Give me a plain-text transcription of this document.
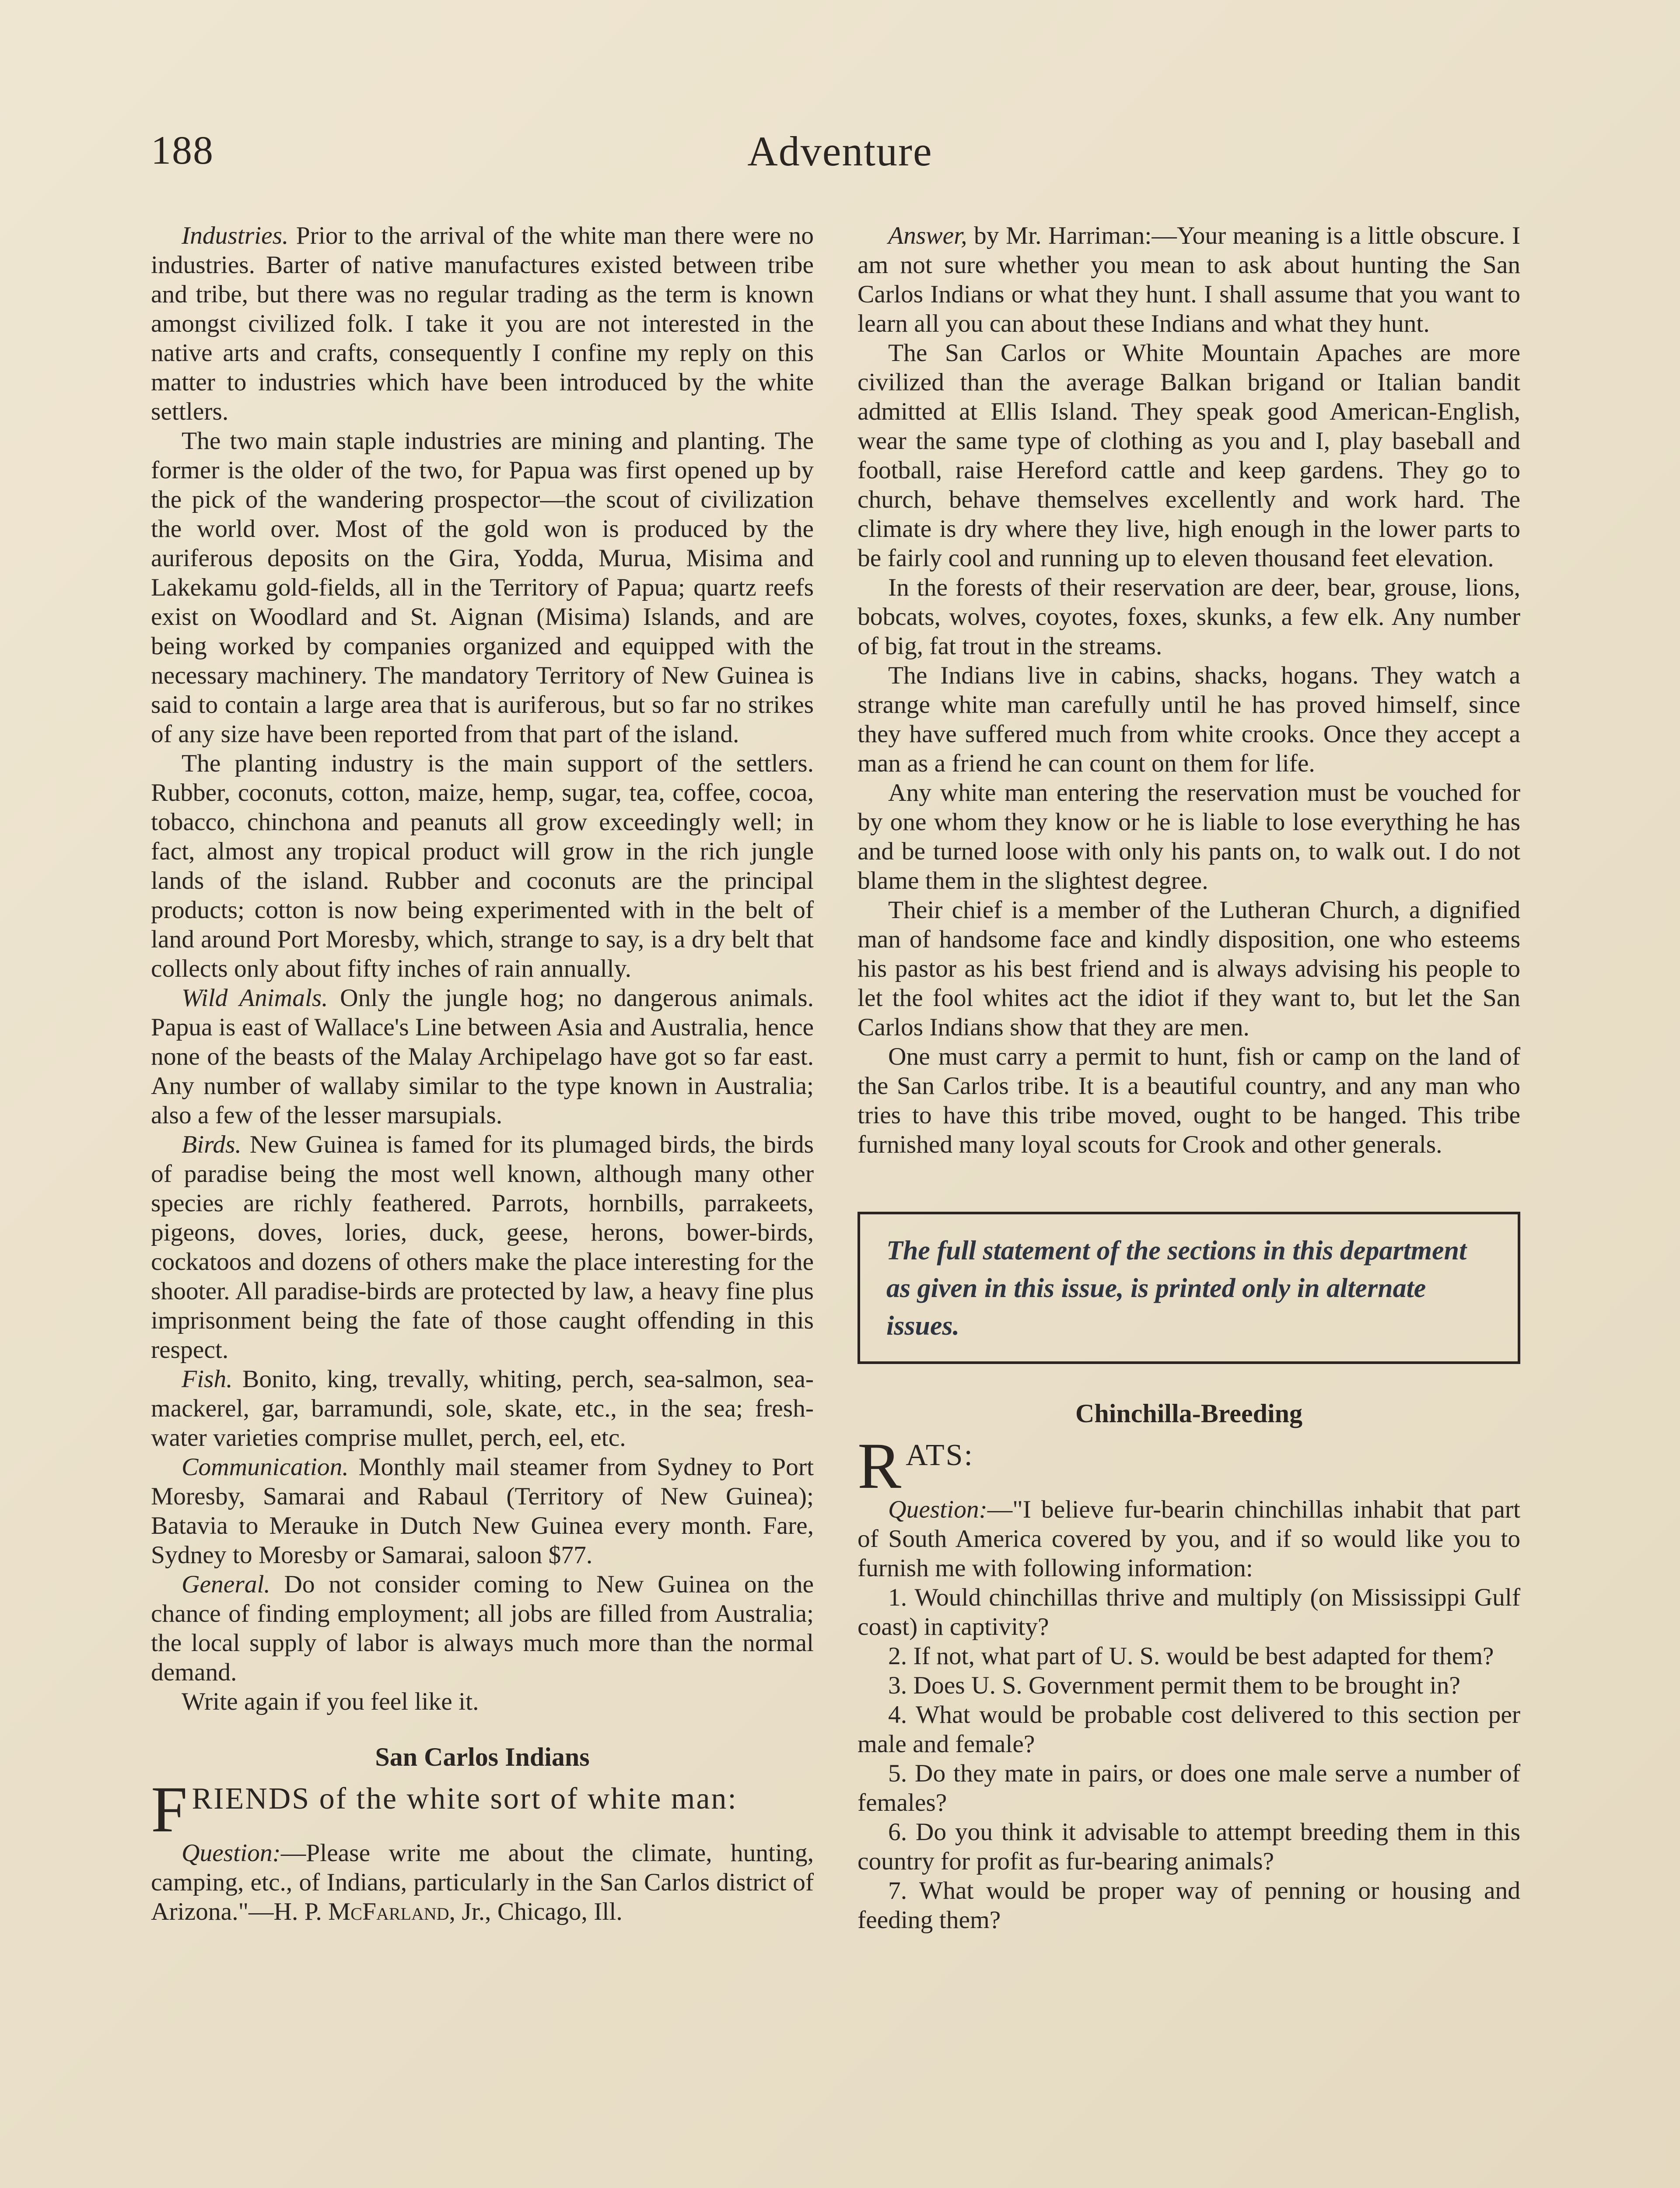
188	Adventure

Industries. Prior to the arrival of the white man there were no industries. Barter of native manufactures existed between tribe and tribe, but there was no regular trading as the term is known amongst civilized folk. I take it you are not interested in the native arts and crafts, consequently I confine my reply on this matter to industries which have been introduced by the white settlers.

The two main staple industries are mining and planting. The former is the older of the two, for Papua was first opened up by the pick of the wandering prospector—the scout of civilization the world over. Most of the gold won is produced by the auriferous deposits on the Gira, Yodda, Murua, Misima and Lakekamu gold-fields, all in the Territory of Papua; quartz reefs exist on Woodlard and St. Aignan (Misima) Islands, and are being worked by companies organized and equipped with the necessary machinery. The mandatory Territory of New Guinea is said to contain a large area that is auriferous, but so far no strikes of any size have been reported from that part of the island.

The planting industry is the main support of the settlers. Rubber, coconuts, cotton, maize, hemp, sugar, tea, coffee, cocoa, tobacco, chinchona and peanuts all grow exceedingly well; in fact, almost any tropical product will grow in the rich jungle lands of the island. Rubber and coconuts are the principal products; cotton is now being experimented with in the belt of land around Port Moresby, which, strange to say, is a dry belt that collects only about fifty inches of rain annually.

Wild Animals. Only the jungle hog; no dangerous animals. Papua is east of Wallace's Line between Asia and Australia, hence none of the beasts of the Malay Archipelago have got so far east. Any number of wallaby similar to the type known in Australia; also a few of the lesser marsupials.

Birds. New Guinea is famed for its plumaged birds, the birds of paradise being the most well known, although many other species are richly feathered. Parrots, hornbills, parrakeets, pigeons, doves, lories, duck, geese, herons, bower-birds, cockatoos and dozens of others make the place interesting for the shooter. All paradise-birds are protected by law, a heavy fine plus imprisonment being the fate of those caught offending in this respect.

Fish. Bonito, king, trevally, whiting, perch, sea-salmon, sea-mackerel, gar, barramundi, sole, skate, etc., in the sea; fresh-water varieties comprise mullet, perch, eel, etc.

Communication. Monthly mail steamer from Sydney to Port Moresby, Samarai and Rabaul (Territory of New Guinea); Batavia to Merauke in Dutch New Guinea every month. Fare, Sydney to Moresby or Samarai, saloon $77.

General. Do not consider coming to New Guinea on the chance of finding employment; all jobs are filled from Australia; the local supply of labor is always much more than the normal demand.

Write again if you feel like it.

San Carlos Indians

FRIENDS of the white sort of white man:

Question:—Please write me about the climate, hunting, camping, etc., of Indians, particularly in the San Carlos district of Arizona."—H. P. McFarland, Jr., Chicago, Ill.

Answer, by Mr. Harriman:—Your meaning is a little obscure. I am not sure whether you mean to ask about hunting the San Carlos Indians or what they hunt. I shall assume that you want to learn all you can about these Indians and what they hunt.

The San Carlos or White Mountain Apaches are more civilized than the average Balkan brigand or Italian bandit admitted at Ellis Island. They speak good American-English, wear the same type of clothing as you and I, play baseball and football, raise Hereford cattle and keep gardens. They go to church, behave themselves excellently and work hard. The climate is dry where they live, high enough in the lower parts to be fairly cool and running up to eleven thousand feet elevation.

In the forests of their reservation are deer, bear, grouse, lions, bobcats, wolves, coyotes, foxes, skunks, a few elk. Any number of big, fat trout in the streams.

The Indians live in cabins, shacks, hogans. They watch a strange white man carefully until he has proved himself, since they have suffered much from white crooks. Once they accept a man as a friend he can count on them for life.

Any white man entering the reservation must be vouched for by one whom they know or he is liable to lose everything he has and be turned loose with only his pants on, to walk out. I do not blame them in the slightest degree.

Their chief is a member of the Lutheran Church, a dignified man of handsome face and kindly disposition, one who esteems his pastor as his best friend and is always advising his people to let the fool whites act the idiot if they want to, but let the San Carlos Indians show that they are men.

One must carry a permit to hunt, fish or camp on the land of the San Carlos tribe. It is a beautiful country, and any man who tries to have this tribe moved, ought to be hanged. This tribe furnished many loyal scouts for Crook and other generals.

The full statement of the sections in this department as given in this issue, is printed only in alternate issues.
Chinchilla-Breeding

RATS:

Question:—"I believe fur-bearin chinchillas inhabit that part of South America covered by you, and if so would like you to furnish me with following information:

1. Would chinchillas thrive and multiply (on Mississippi Gulf coast) in captivity?

2. If not, what part of U. S. would be best adapted for them?

3. Does U. S. Government permit them to be brought in?

4. What would be probable cost delivered to this section per male and female?

5. Do they mate in pairs, or does one male serve a number of females?

6. Do you think it advisable to attempt breeding them in this country for profit as fur-bearing animals?

7. What would be proper way of penning or housing and feeding them?
